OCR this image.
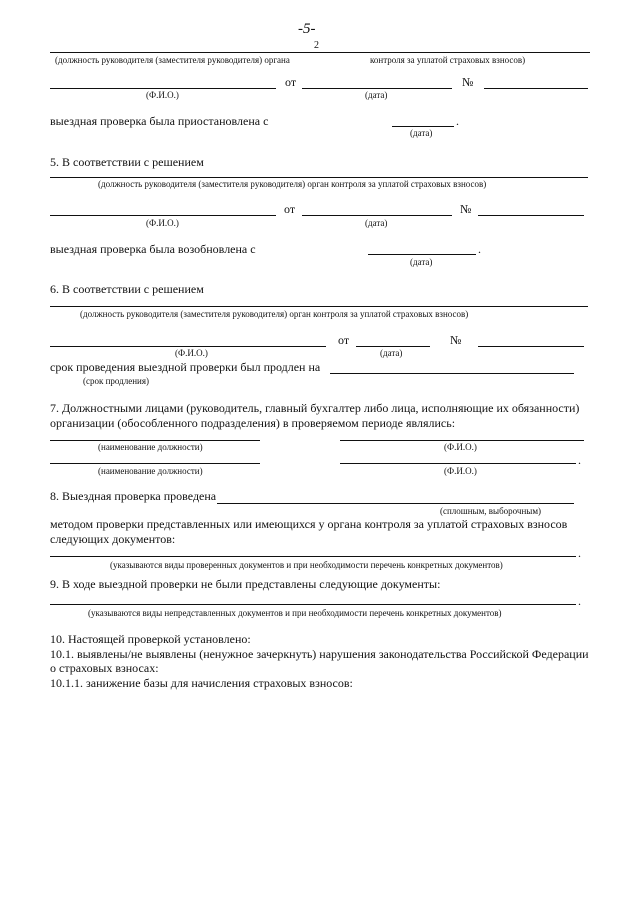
-5-
2
(должность руководителя (заместителя руководителя) органа	контроля за уплатой страховых взносов)
от	№
(Ф.И.О.)	(дата)
выездная проверка была приостановлена с	.
(дата)
5. В соответствии с решением
(должность руководителя (заместителя руководителя) орган контроля за уплатой страховых взносов)
от	№
(Ф.И.О.)	(дата)
выездная проверка была возобновлена с	.
(дата)
6. В соответствии с решением
(должность руководителя (заместителя руководителя) орган контроля за уплатой страховых взносов)
от	№
(Ф.И.О.)	(дата)
срок проведения выездной проверки был продлен на
(срок продления)
7. Должностными лицами (руководитель, главный бухгалтер либо лица, исполняющие их обязанности)
организации (обособленного подразделения) в проверяемом периоде являлись:
(наименование должности)	(Ф.И.О.)
.
(наименование должности)	(Ф.И.О.)
8. Выездная проверка проведена
(сплошным, выборочным)
методом проверки представленных или имеющихся у органа контроля за уплатой страховых взносов
следующих документов:
.
(указываются виды проверенных документов и при необходимости перечень конкретных документов)
9. В ходе выездной проверки не были представлены следующие документы:
.
(указываются виды непредставленных документов и при необходимости перечень конкретных документов)
10. Настоящей проверкой установлено:
10.1. выявлены/не выявлены (ненужное зачеркнуть) нарушения законодательства Российской Федерации
о страховых взносах:
10.1.1. занижение базы для начисления страховых взносов:
